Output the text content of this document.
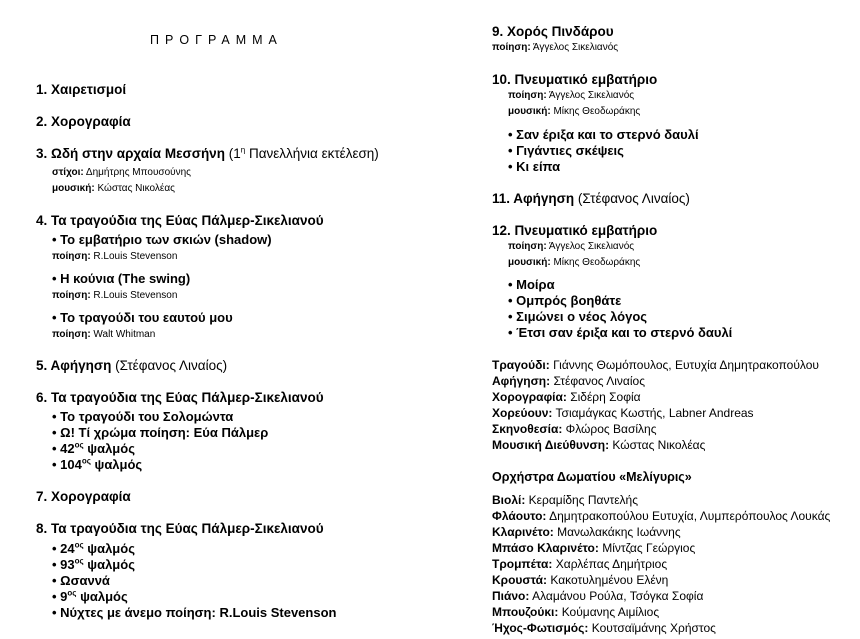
ΠΡΟΓΡΑΜΜΑ
1. Χαιρετισμοί
2. Χορογραφία
3. Ωδή στην αρχαία Μεσσήνη ($1^\eta$ Πανελλήνια εκτέλεση)
στίχοι: Δημήτρης Μπουσούνης
μουσική: Κώστας Νικολέας
4. Τα τραγούδια της Εύας Πάλμερ-Σικελιανού
• Το εμβατήριο των σκιών (shadow)
ποίηση: R.Louis Stevenson
• Η κούνια (The swing)
ποίηση: R.Louis Stevenson
• Το τραγούδι του εαυτού μου
ποίηση: Walt Whitman
5. Αφήγηση (Στέφανος Λιναίος)
6. Τα τραγούδια της Εύας Πάλμερ-Σικελιανού
• Το τραγούδι του Σολομώντα
• Ω! Τί χρώμα ποίηση: Εύα Πάλμερ
• $42^{o\varsigma}$ ψαλμός
• $104^{o\varsigma}$ ψαλμός
7. Χορογραφία
8. Τα τραγούδια της Εύας Πάλμερ-Σικελιανού
• $24^{o\varsigma}$ ψαλμός
• $93^{o\varsigma}$ ψαλμός
• Ωσαννά
• $9^{o\varsigma}$ ψαλμός
• Νύχτες με άνεμο ποίηση: R.Louis Stevenson
9. Χορός Πινδάρου
ποίηση: Άγγελος Σικελιανός
10. Πνευματικό εμβατήριο
ποίηση: Άγγελος Σικελιανός
μουσική: Μίκης Θεοδωράκης
• Σαν έριξα και το στερνό δαυλί
• Γιγάντιες σκέψεις
• Κι είπα
11. Αφήγηση (Στέφανος Λιναίος)
12. Πνευματικό εμβατήριο
ποίηση: Άγγελος Σικελιανός
μουσική: Μίκης Θεοδωράκης
• Μοίρα
• Ομπρός βοηθάτε
• Σιμώνει ο νέος λόγος
• Έτσι σαν έριξα και το στερνό δαυλί
Τραγούδι: Γιάννης Θωμόπουλος, Ευτυχία Δημητρακοπούλου
Αφήγηση: Στέφανος Λιναίος
Χορογραφία: Σιδέρη Σοφία
Χορεύουν: Τσιαμάγκας Κωστής, Labner Andreas
Σκηνοθεσία: Φλώρος Βασίλης
Μουσική Διεύθυνση: Κώστας Νικολέας
Ορχήστρα Δωματίου «Μελίγυρις»
Βιολί: Κεραμίδης Παντελής
Φλάουτο: Δημητρακοπούλου Ευτυχία, Λυμπερόπουλος Λουκάς
Κλαρινέτο: Μανωλακάκης Ιωάννης
Μπάσο Κλαρινέτο: Μίντζας Γεώργιος
Τρομπέτα: Χαρλέπας Δημήτριος
Κρουστά: Κακοτυλημένου Ελένη
Πιάνο: Αλαμάνου Ρούλα, Τσόγκα Σοφία
Μπουζούκι: Κούμανης Αιμίλιος
Ήχος-Φωτισμός: Κουτσαϊμάνης Χρήστος
